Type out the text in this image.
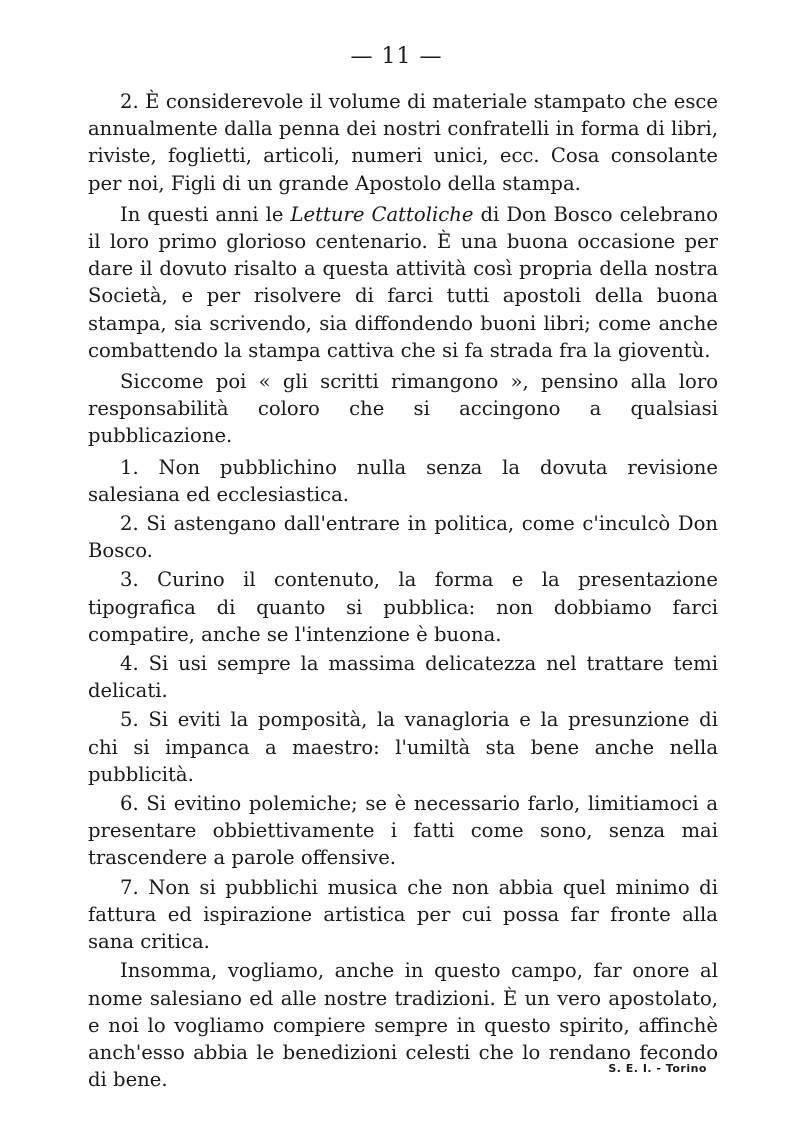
— 11 —

2. È considerevole il volume di materiale stampato che esce annualmente dalla penna dei nostri confratelli in forma di libri, riviste, foglietti, articoli, numeri unici, ecc. Cosa consolante per noi, Figli di un grande Apostolo della stampa.

In questi anni le Letture Cattoliche di Don Bosco celebrano il loro primo glorioso centenario. È una buona occasione per dare il dovuto risalto a questa attività così propria della nostra Società, e per risolvere di farci tutti apostoli della buona stampa, sia scrivendo, sia diffondendo buoni libri; come anche combattendo la stampa cattiva che si fa strada fra la gioventù.

Siccome poi « gli scritti rimangono », pensino alla loro responsabilità coloro che si accingono a qualsiasi pubblicazione.

1. Non pubblichino nulla senza la dovuta revisione salesiana ed ecclesiastica.

2. Si astengano dall'entrare in politica, come c'inculcò Don Bosco.

3. Curino il contenuto, la forma e la presentazione tipografica di quanto si pubblica: non dobbiamo farci compatire, anche se l'intenzione è buona.

4. Si usi sempre la massima delicatezza nel trattare temi delicati.

5. Si eviti la pomposità, la vanagloria e la presunzione di chi si impanca a maestro: l'umiltà sta bene anche nella pubblicità.

6. Si evitino polemiche; se è necessario farlo, limitiamoci a presentare obbiettivamente i fatti come sono, senza mai trascendere a parole offensive.

7. Non si pubblichi musica che non abbia quel minimo di fattura ed ispirazione artistica per cui possa far fronte alla sana critica.

Insomma, vogliamo, anche in questo campo, far onore al nome salesiano ed alle nostre tradizioni. È un vero apostolato, e noi lo vogliamo compiere sempre in questo spirito, affinchè anch'esso abbia le benedizioni celesti che lo rendano fecondo di bene.	S. E. I. - Torino
